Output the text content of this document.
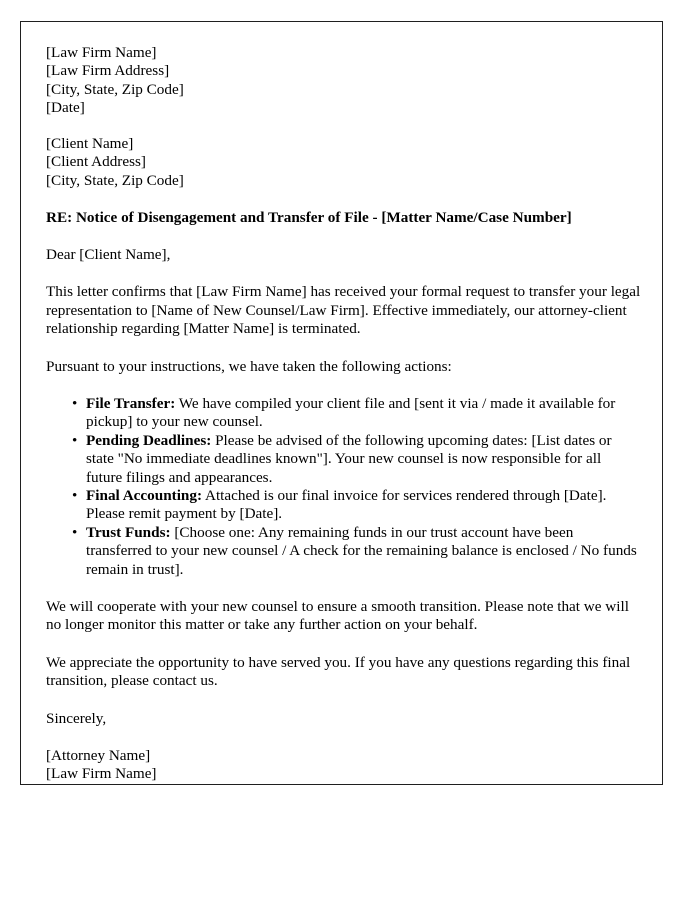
[Law Firm Name]
[Law Firm Address]
[City, State, Zip Code]
[Date]
[Client Name]
[Client Address]
[City, State, Zip Code]

RE: Notice of Disengagement and Transfer of File - [Matter Name/Case Number]

Dear [Client Name],

This letter confirms that [Law Firm Name] has received your formal request to transfer your legal representation to [Name of New Counsel/Law Firm]. Effective immediately, our attorney-client relationship regarding [Matter Name] is terminated.

Pursuant to your instructions, we have taken the following actions:

• File Transfer: We have compiled your client file and [sent it via / made it available for pickup] to your new counsel.
• Pending Deadlines: Please be advised of the following upcoming dates: [List dates or state "No immediate deadlines known"]. Your new counsel is now responsible for all future filings and appearances.
• Final Accounting: Attached is our final invoice for services rendered through [Date]. Please remit payment by [Date].
• Trust Funds: [Choose one: Any remaining funds in our trust account have been transferred to your new counsel / A check for the remaining balance is enclosed / No funds remain in trust].

We will cooperate with your new counsel to ensure a smooth transition. Please note that we will no longer monitor this matter or take any further action on your behalf.

We appreciate the opportunity to have served you. If you have any questions regarding this final transition, please contact us.

Sincerely,

[Attorney Name]
[Law Firm Name]
